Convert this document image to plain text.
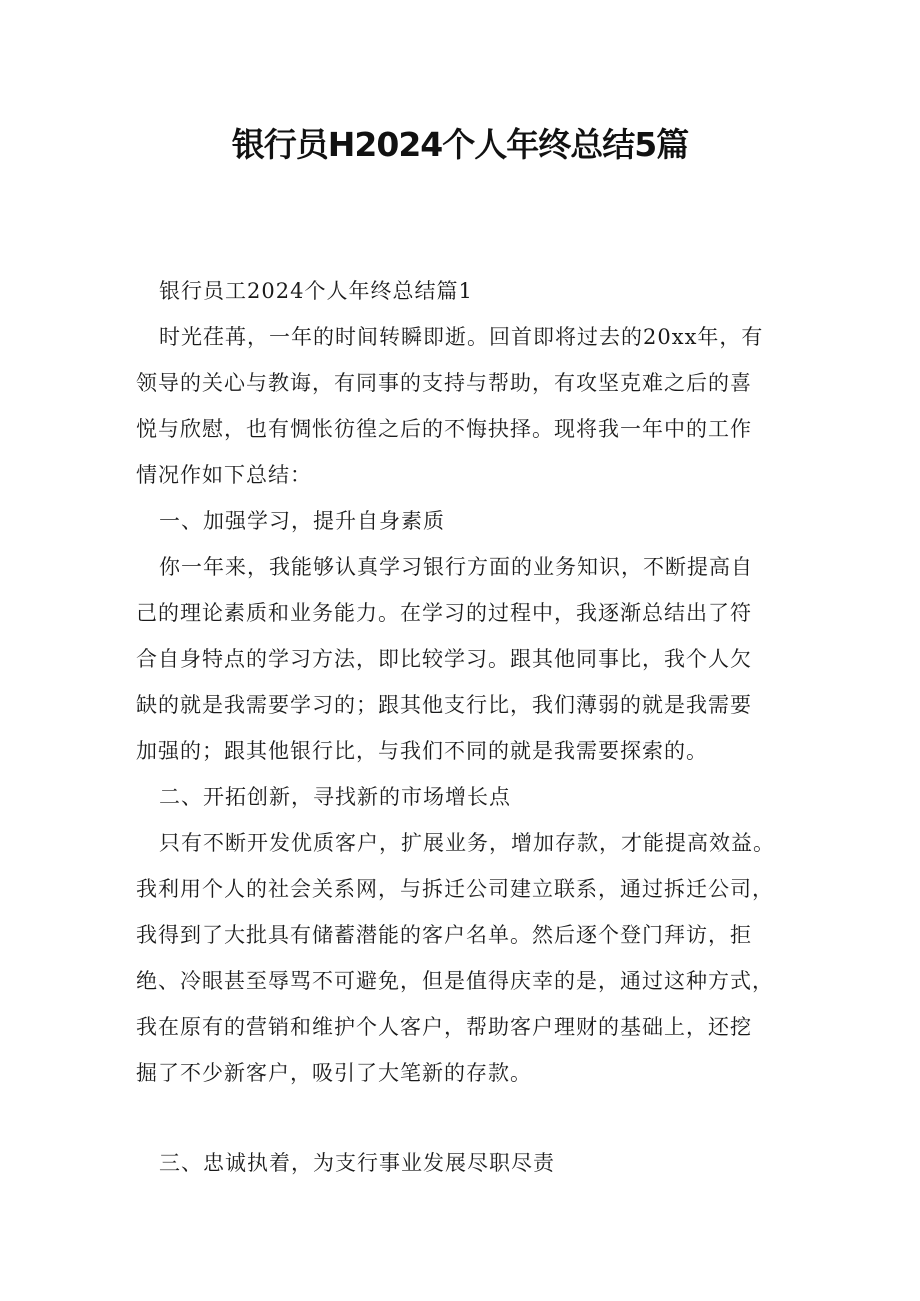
银行员H2024个人年终总结5篇
银行员工2024个人年终总结篇1
时光荏苒，一年的时间转瞬即逝。回首即将过去的20xx年，有
领导的关心与教诲，有同事的支持与帮助，有攻坚克难之后的喜
悦与欣慰，也有惆怅彷徨之后的不悔抉择。现将我一年中的工作
情况作如下总结：
一、加强学习，提升自身素质
你一年来，我能够认真学习银行方面的业务知识，不断提高自
己的理论素质和业务能力。在学习的过程中，我逐渐总结出了符
合自身特点的学习方法，即比较学习。跟其他同事比，我个人欠
缺的就是我需要学习的；跟其他支行比，我们薄弱的就是我需要
加强的；跟其他银行比，与我们不同的就是我需要探索的。
二、开拓创新，寻找新的市场增长点
只有不断开发优质客户，扩展业务，增加存款，才能提高效益。
我利用个人的社会关系网，与拆迁公司建立联系，通过拆迁公司，
我得到了大批具有储蓄潜能的客户名单。然后逐个登门拜访，拒
绝、冷眼甚至辱骂不可避免，但是值得庆幸的是，通过这种方式，
我在原有的营销和维护个人客户，帮助客户理财的基础上，还挖
掘了不少新客户，吸引了大笔新的存款。
三、忠诚执着，为支行事业发展尽职尽责
